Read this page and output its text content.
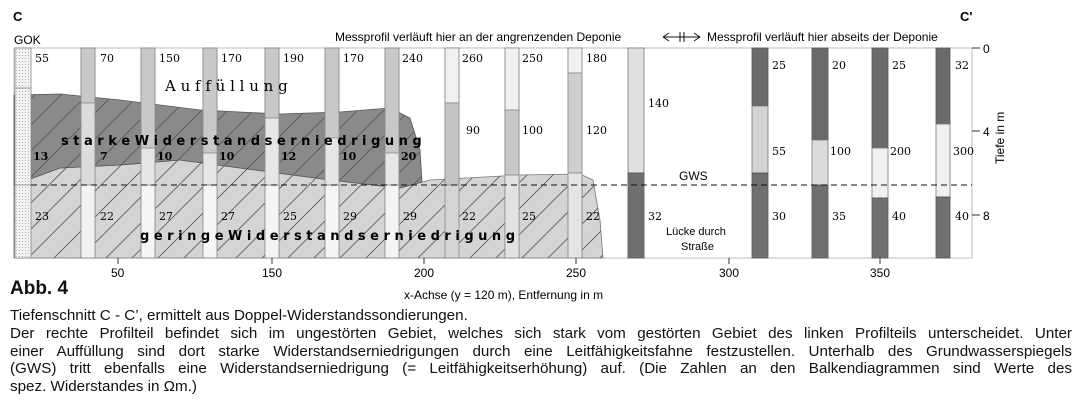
C	C'
GOK	Messprofil verläuft hier an der angrenzenden Deponie	Messprofil verläuft hier abseits der Deponie
A u f f ü l l u n g
s t a r k e W i d e r s t a n d s e r n i e d r i g u n g
g e r i n g e W i d e r s t a n d s e r n i e d r i g u n g
GWS
Lücke durch
Straße
55
13
23
70
7
22
150
10
27
170
10
27
190
12
25
170
10
29
240
20
29
260
90
22
250
100
25
180
120
22
140
32
25
55
30
20
100
35
25
200
40
32
300
40
0
4
8
Tiefe in m
50	150	200	250	300	350
x-Achse (y = 120 m), Entfernung in m
Abb. 4
Tiefenschnitt C - C’, ermittelt aus Doppel-Widerstandssondierungen.
Der rechte Profilteil befindet sich im ungestörten Gebiet, welches sich stark vom gestörten Gebiet des linken Profilteils unterscheidet. Unter
einer Auffüllung sind dort starke Widerstandserniedrigungen durch eine Leitfähigkeitsfahne festzustellen. Unterhalb des Grundwasserspiegels
(GWS) tritt ebenfalls eine Widerstandserniedrigung (= Leitfähigkeitserhöhung) auf. (Die Zahlen an den Balkendiagrammen sind Werte des
spez. Widerstandes in Ωm.)
